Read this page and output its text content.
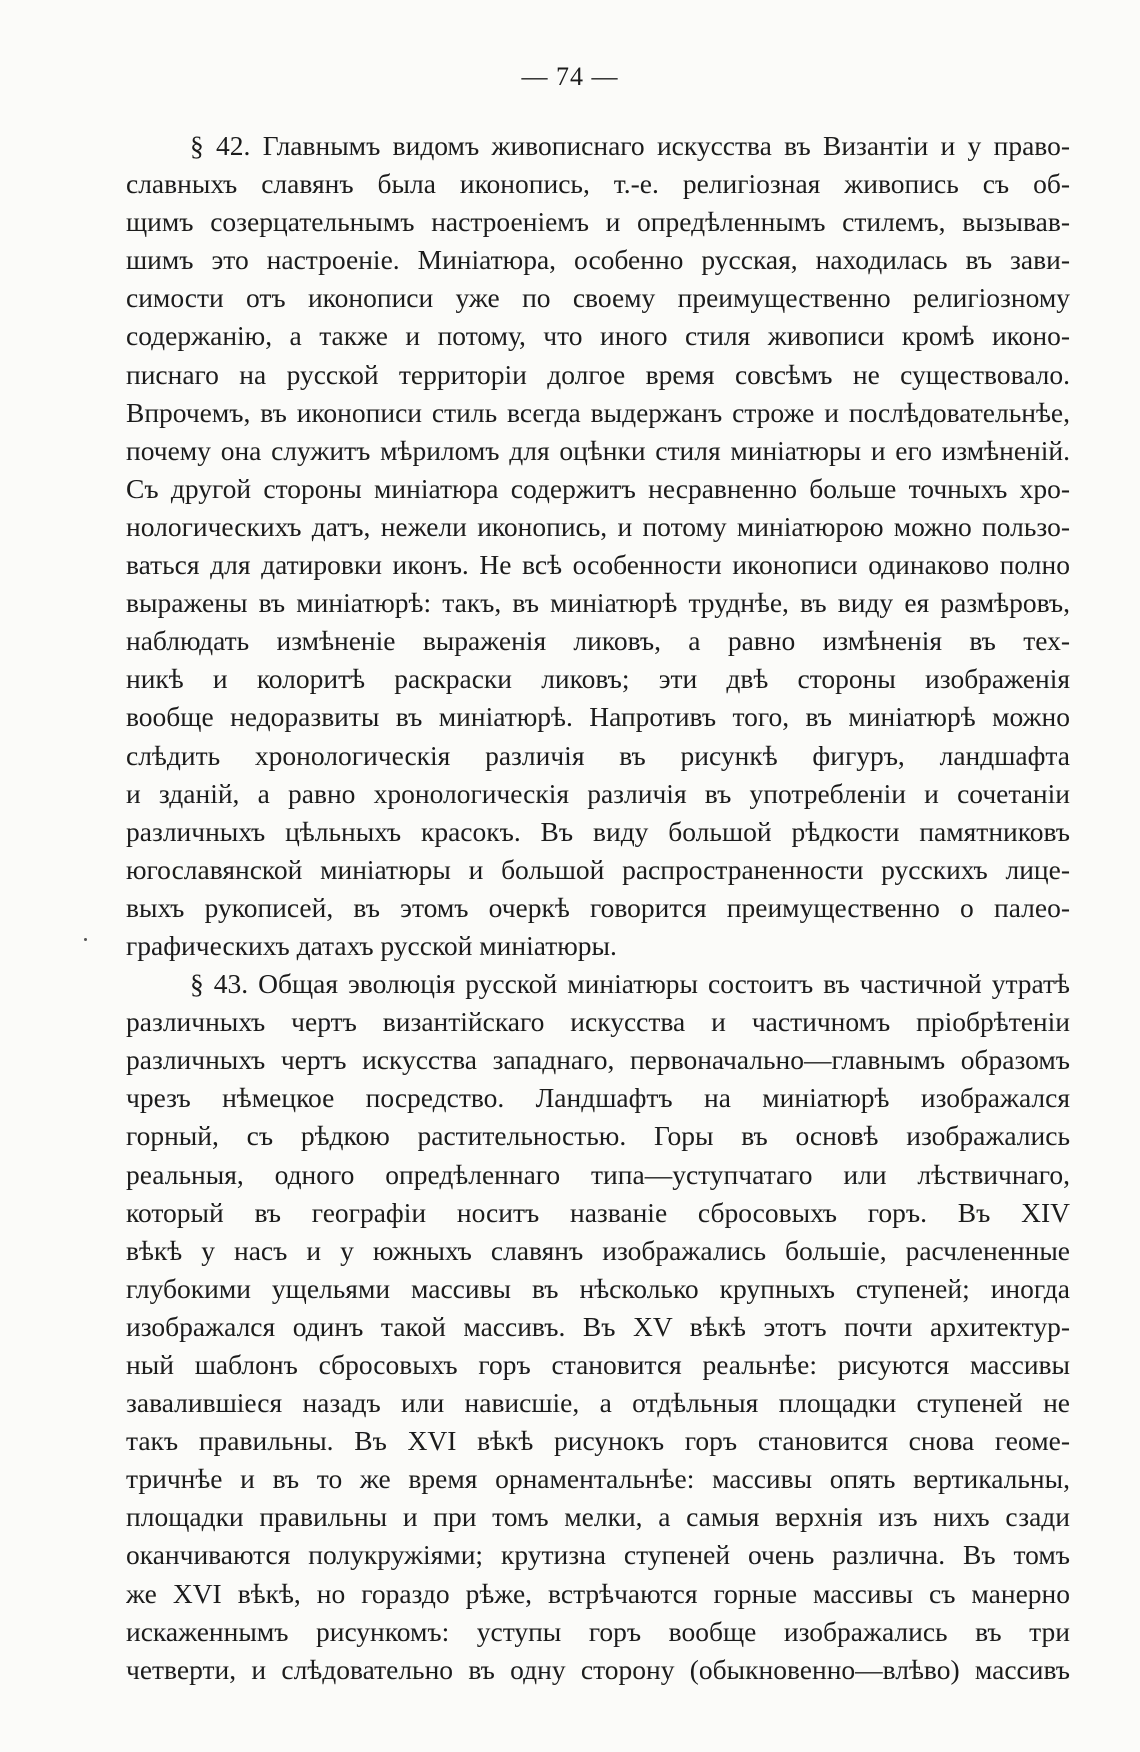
— 74 —
§ 42. Главнымъ видомъ живописнаго искусства въ Византіи и у право-
славныхъ славянъ была иконопись, т.-е. религіозная живопись съ об-
щимъ созерцательнымъ настроеніемъ и опредѣленнымъ стилемъ, вызывав-
шимъ это настроеніе. Миніатюра, особенно русская, находилась въ зави-
симости отъ иконописи уже по своему преимущественно религіозному
содержанію, а также и потому, что иного стиля живописи кромѣ иконо-
писнаго на русской территоріи долгое время совсѣмъ не существовало.
Впрочемъ, въ иконописи стиль всегда выдержанъ строже и послѣдовательнѣе,
почему она служитъ мѣриломъ для оцѣнки стиля миніатюры и его измѣненій.
Съ другой стороны миніатюра содержитъ несравненно больше точныхъ хро-
нологическихъ датъ, нежели иконопись, и потому миніатюрою можно пользо-
ваться для датировки иконъ. Не всѣ особенности иконописи одинаково полно
выражены въ миніатюрѣ: такъ, въ миніатюрѣ труднѣе, въ виду ея размѣровъ,
наблюдать измѣненіе выраженія ликовъ, а равно измѣненія въ тех-
никѣ и колоритѣ раскраски ликовъ; эти двѣ стороны изображенія
вообще недоразвиты въ миніатюрѣ. Напротивъ того, въ миніатюрѣ можно
слѣдить хронологическія различія въ рисункѣ фигуръ, ландшафта
и зданій, а равно хронологическія различія въ употребленіи и сочетаніи
различныхъ цѣльныхъ красокъ. Въ виду большой рѣдкости памятниковъ
югославянской миніатюры и большой распространенности русскихъ лице-
выхъ рукописей, въ этомъ очеркѣ говорится преимущественно о палео-
графическихъ датахъ русской миніатюры.
§ 43. Общая эволюція русской миніатюры состоитъ въ частичной утратѣ
различныхъ чертъ византійскаго искусства и частичномъ пріобрѣтеніи
различныхъ чертъ искусства западнаго, первоначально—главнымъ образомъ
чрезъ нѣмецкое посредство. Ландшафтъ на миніатюрѣ изображался
горный, съ рѣдкою растительностью. Горы въ основѣ изображались
реальныя, одного опредѣленнаго типа—уступчатаго или лѣствичнаго,
который въ географіи носитъ названіе сбросовыхъ горъ. Въ XIV
вѣкѣ у насъ и у южныхъ славянъ изображались большіе, расчлененные
глубокими ущельями массивы въ нѣсколько крупныхъ ступеней; иногда
изображался одинъ такой массивъ. Въ XV вѣкѣ этотъ почти архитектур-
ный шаблонъ сбросовыхъ горъ становится реальнѣе: рисуются массивы
завалившіеся назадъ или нависшіе, а отдѣльныя площадки ступеней не
такъ правильны. Въ XVI вѣкѣ рисунокъ горъ становится снова геоме-
тричнѣе и въ то же время орнаментальнѣе: массивы опять вертикальны,
площадки правильны и при томъ мелки, а самыя верхнія изъ нихъ сзади
оканчиваются полукружіями; крутизна ступеней очень различна. Въ томъ
же XVI вѣкѣ, но гораздо рѣже, встрѣчаются горные массивы съ манерно
искаженнымъ рисункомъ: уступы горъ вообще изображались въ три
четверти, и слѣдовательно въ одну сторону (обыкновенно—влѣво) массивъ
